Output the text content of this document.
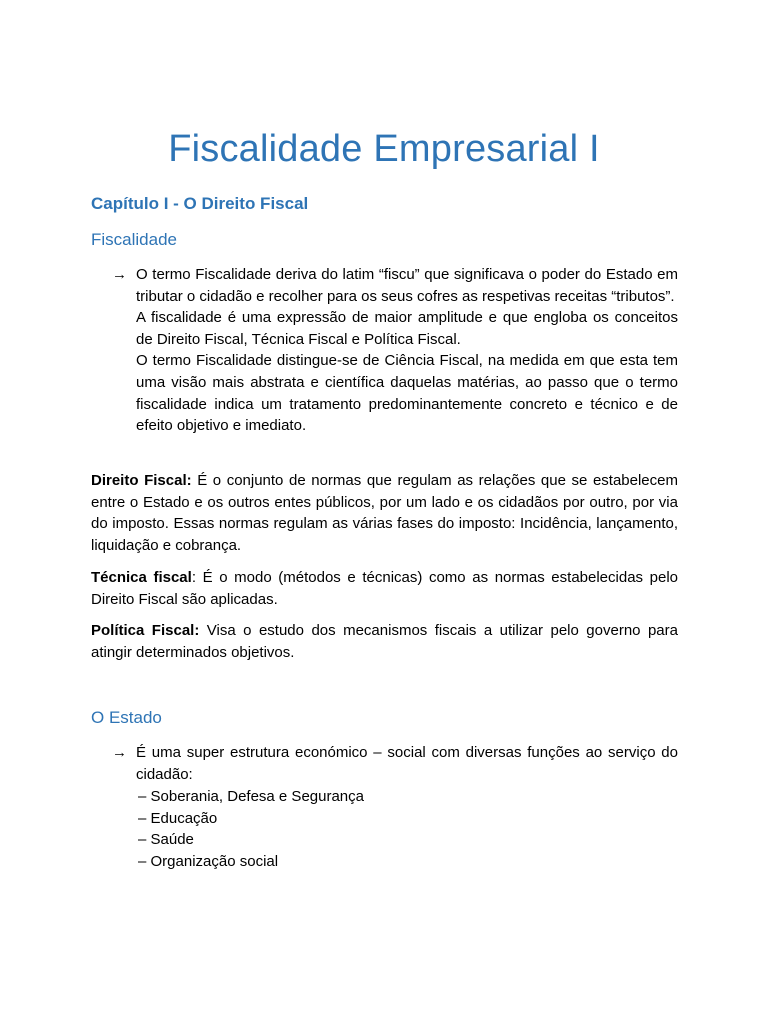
Fiscalidade Empresarial I
Capítulo I - O Direito Fiscal
Fiscalidade
→ O termo Fiscalidade deriva do latim “fiscu” que significava o poder do Estado em tributar o cidadão e recolher para os seus cofres as respetivas receitas “tributos”.

A fiscalidade é uma expressão de maior amplitude e que engloba os conceitos de Direito Fiscal, Técnica Fiscal e Política Fiscal.

O termo Fiscalidade distingue-se de Ciência Fiscal, na medida em que esta tem uma visão mais abstrata e científica daquelas matérias, ao passo que o termo fiscalidade indica um tratamento predominantemente concreto e técnico e de efeito objetivo e imediato.

Direito Fiscal: É o conjunto de normas que regulam as relações que se estabelecem entre o Estado e os outros entes públicos, por um lado e os cidadãos por outro, por via do imposto. Essas normas regulam as várias fases do imposto: Incidência, lançamento, liquidação e cobrança.

Técnica fiscal: É o modo (métodos e técnicas) como as normas estabelecidas pelo Direito Fiscal são aplicadas.

Política Fiscal: Visa o estudo dos mecanismos fiscais a utilizar pelo governo para atingir determinados objetivos.

O Estado
→ É uma super estrutura económico – social com diversas funções ao serviço do cidadão:

– Soberania, Defesa e Segurança
– Educação
– Saúde
– Organização social
